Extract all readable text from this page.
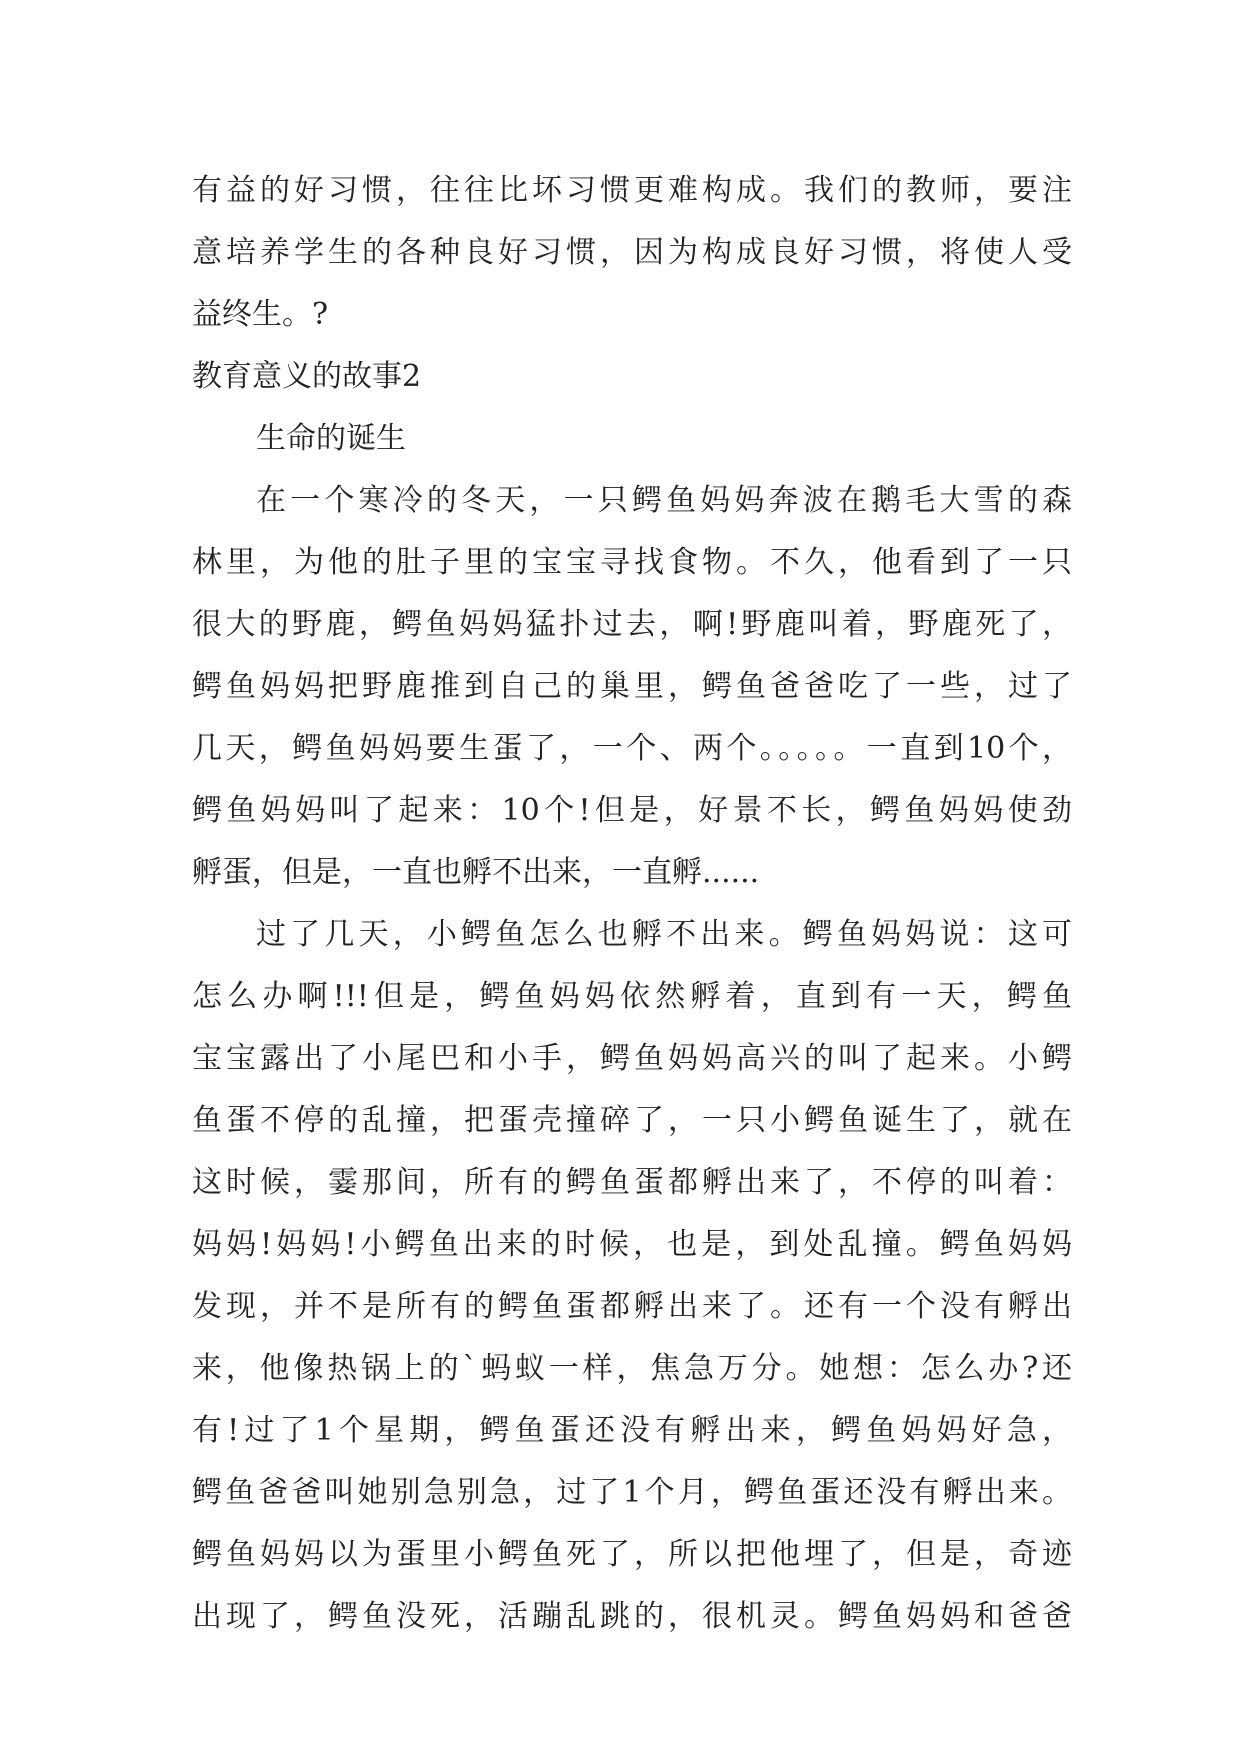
有益的好习惯，往往比坏习惯更难构成。我们的教师，要注
意培养学生的各种良好习惯，因为构成良好习惯，将使人受
益终生。?
教育意义的故事2
生命的诞生
在一个寒冷的冬天，一只鳄鱼妈妈奔波在鹅毛大雪的森
林里，为他的肚子里的宝宝寻找食物。不久，他看到了一只
很大的野鹿，鳄鱼妈妈猛扑过去，啊!野鹿叫着，野鹿死了，
鳄鱼妈妈把野鹿推到自己的巢里，鳄鱼爸爸吃了一些，过了
几天，鳄鱼妈妈要生蛋了，一个、两个。。。。。一直到10个，
鳄鱼妈妈叫了起来：10个!但是，好景不长，鳄鱼妈妈使劲
孵蛋，但是，一直也孵不出来，一直孵......
过了几天，小鳄鱼怎么也孵不出来。鳄鱼妈妈说：这可
怎么办啊!!!但是，鳄鱼妈妈依然孵着，直到有一天，鳄鱼
宝宝露出了小尾巴和小手，鳄鱼妈妈高兴的叫了起来。小鳄
鱼蛋不停的乱撞，把蛋壳撞碎了，一只小鳄鱼诞生了，就在
这时候，霎那间，所有的鳄鱼蛋都孵出来了，不停的叫着：
妈妈!妈妈!小鳄鱼出来的时候，也是，到处乱撞。鳄鱼妈妈
发现，并不是所有的鳄鱼蛋都孵出来了。还有一个没有孵出
来，他像热锅上的`蚂蚁一样，焦急万分。她想：怎么办?还
有!过了1个星期，鳄鱼蛋还没有孵出来，鳄鱼妈妈好急，
鳄鱼爸爸叫她别急别急，过了1个月，鳄鱼蛋还没有孵出来。
鳄鱼妈妈以为蛋里小鳄鱼死了，所以把他埋了，但是，奇迹
出现了，鳄鱼没死，活蹦乱跳的，很机灵。鳄鱼妈妈和爸爸
